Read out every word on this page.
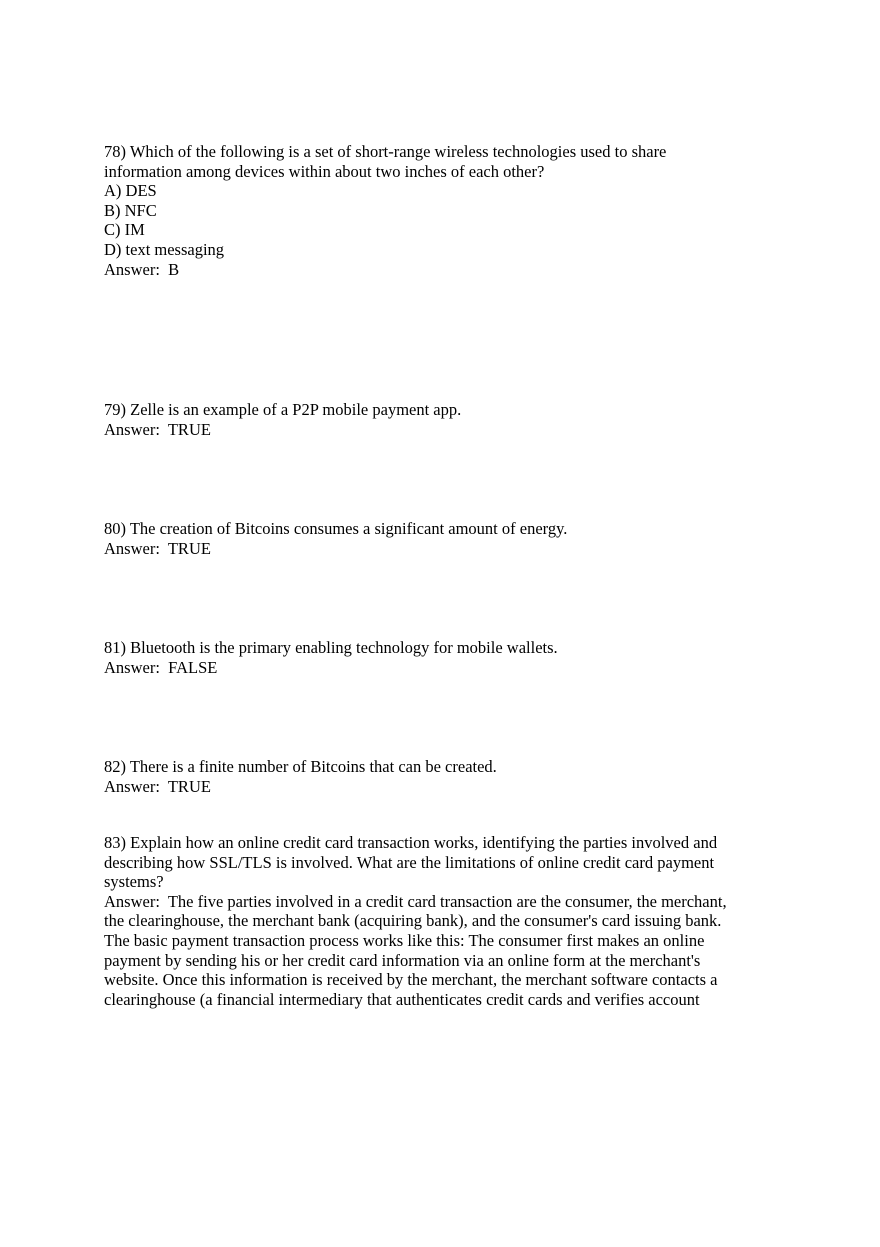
78) Which of the following is a set of short-range wireless technologies used to share
information among devices within about two inches of each other?
A) DES
B) NFC
C) IM
D) text messaging
Answer:  B
79) Zelle is an example of a P2P mobile payment app.
Answer:  TRUE
80) The creation of Bitcoins consumes a significant amount of energy.
Answer:  TRUE
81) Bluetooth is the primary enabling technology for mobile wallets.
Answer:  FALSE
82) There is a finite number of Bitcoins that can be created.
Answer:  TRUE
83) Explain how an online credit card transaction works, identifying the parties involved and
describing how SSL/TLS is involved. What are the limitations of online credit card payment
systems?
Answer:  The five parties involved in a credit card transaction are the consumer, the merchant,
the clearinghouse, the merchant bank (acquiring bank), and the consumer's card issuing bank.
The basic payment transaction process works like this: The consumer first makes an online
payment by sending his or her credit card information via an online form at the merchant's
website. Once this information is received by the merchant, the merchant software contacts a
clearinghouse (a financial intermediary that authenticates credit cards and verifies account
